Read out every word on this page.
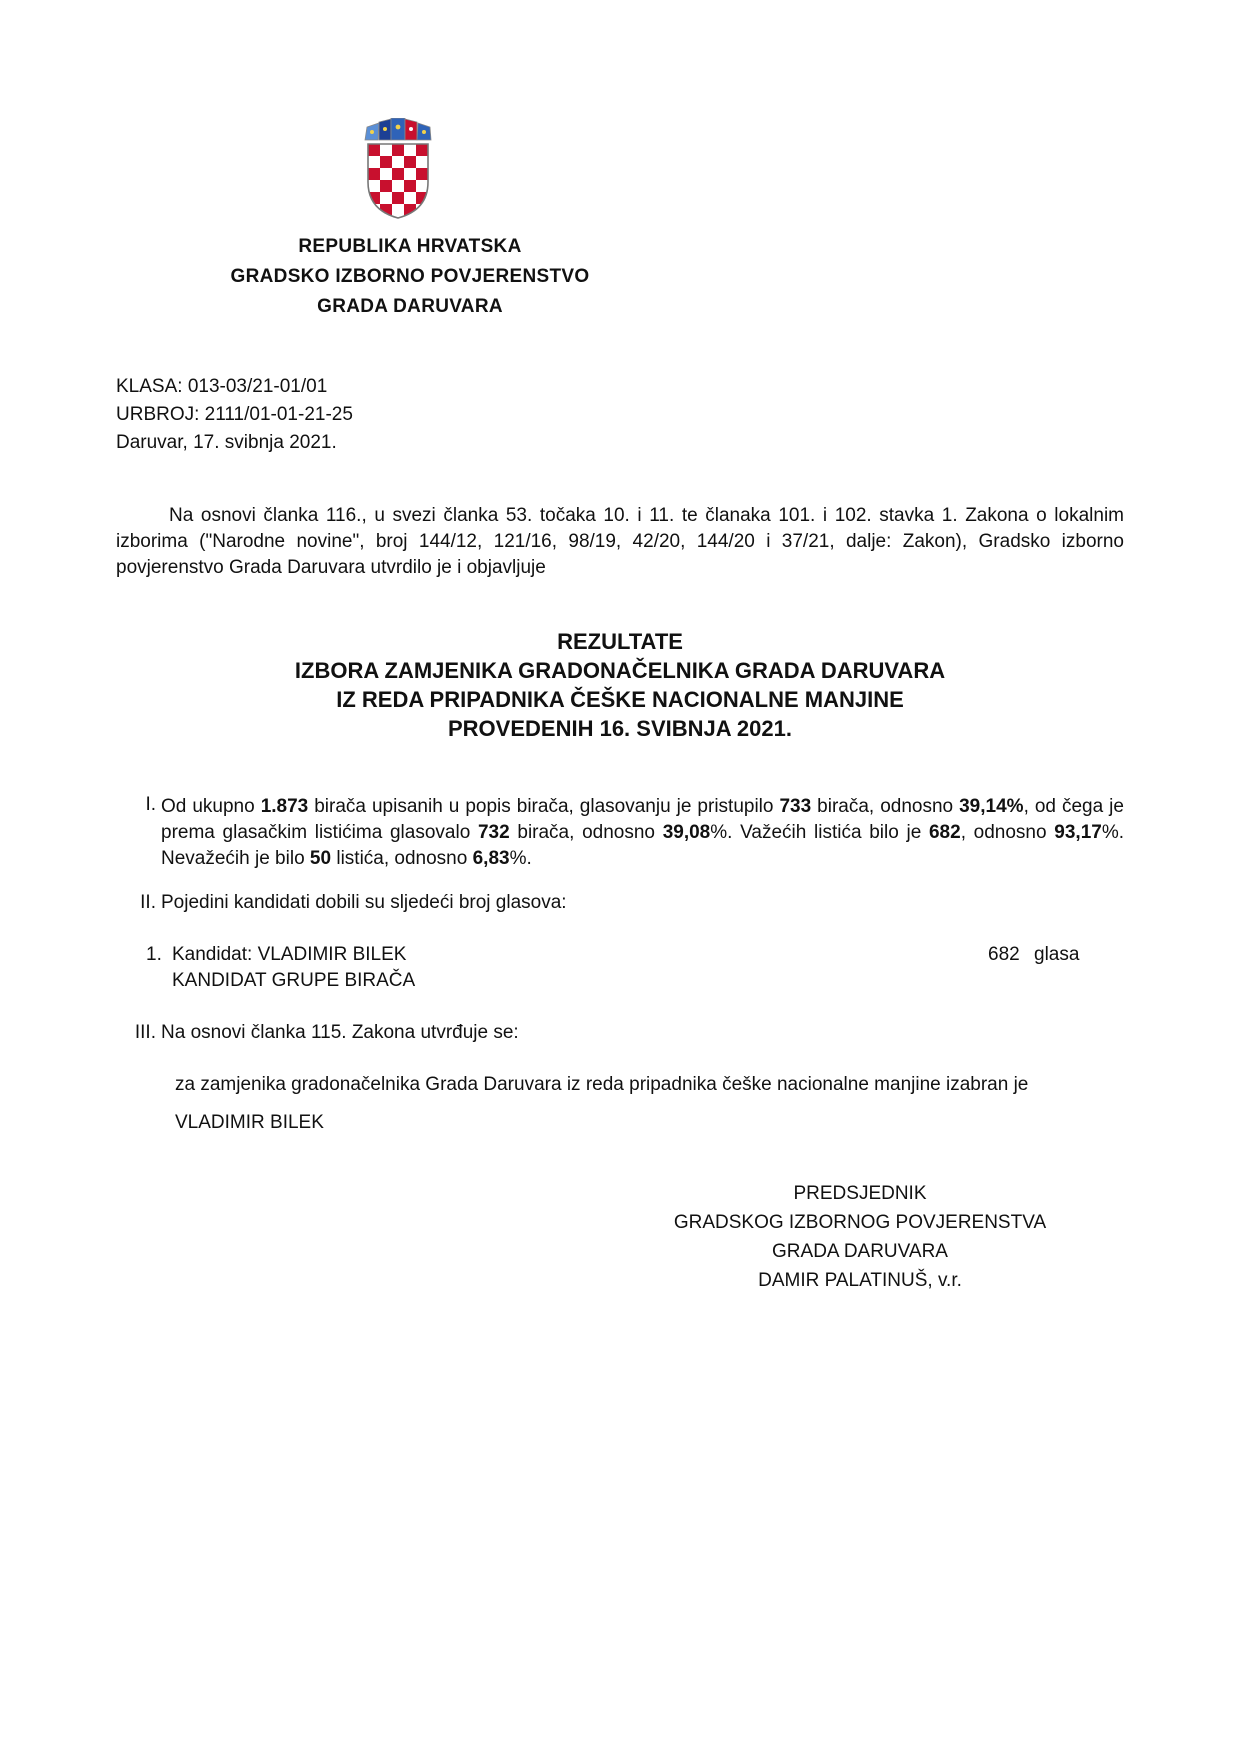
REPUBLIKA HRVATSKA
GRADSKO IZBORNO POVJERENSTVO
GRADA DARUVARA
KLASA: 013-03/21-01/01
URBROJ: 2111/01-01-21-25
Daruvar, 17. svibnja 2021.
Na osnovi članka 116., u svezi članka 53. točaka 10. i 11. te članaka 101. i 102. stavka 1. Zakona o lokalnim izborima ("Narodne novine", broj 144/12, 121/16, 98/19, 42/20, 144/20 i 37/21, dalje: Zakon), Gradsko izborno povjerenstvo Grada Daruvara utvrdilo je i objavljuje
REZULTATE
IZBORA ZAMJENIKA GRADONAČELNIKA GRADA DARUVARA
IZ REDA PRIPADNIKA ČEŠKE NACIONALNE MANJINE
PROVEDENIH 16. SVIBNJA 2021.
I. Od ukupno 1.873 birača upisanih u popis birača, glasovanju je pristupilo 733 birača, odnosno 39,14%, od čega je prema glasačkim listićima glasovalo 732 birača, odnosno 39,08%. Važećih listića bilo je 682, odnosno 93,17%. Nevažećih je bilo 50 listića, odnosno 6,83%.
II. Pojedini kandidati dobili su sljedeći broj glasova:
1. Kandidat: VLADIMIR BILEK
KANDIDAT GRUPE BIRAČA
682 glasa
III. Na osnovi članka 115. Zakona utvrđuje se:
za zamjenika gradonačelnika Grada Daruvara iz reda pripadnika češke nacionalne manjine izabran je
VLADIMIR BILEK
PREDSJEDNIK
GRADSKOG IZBORNOG POVJERENSTVA
GRADA DARUVARA
DAMIR PALATINUŠ, v.r.
